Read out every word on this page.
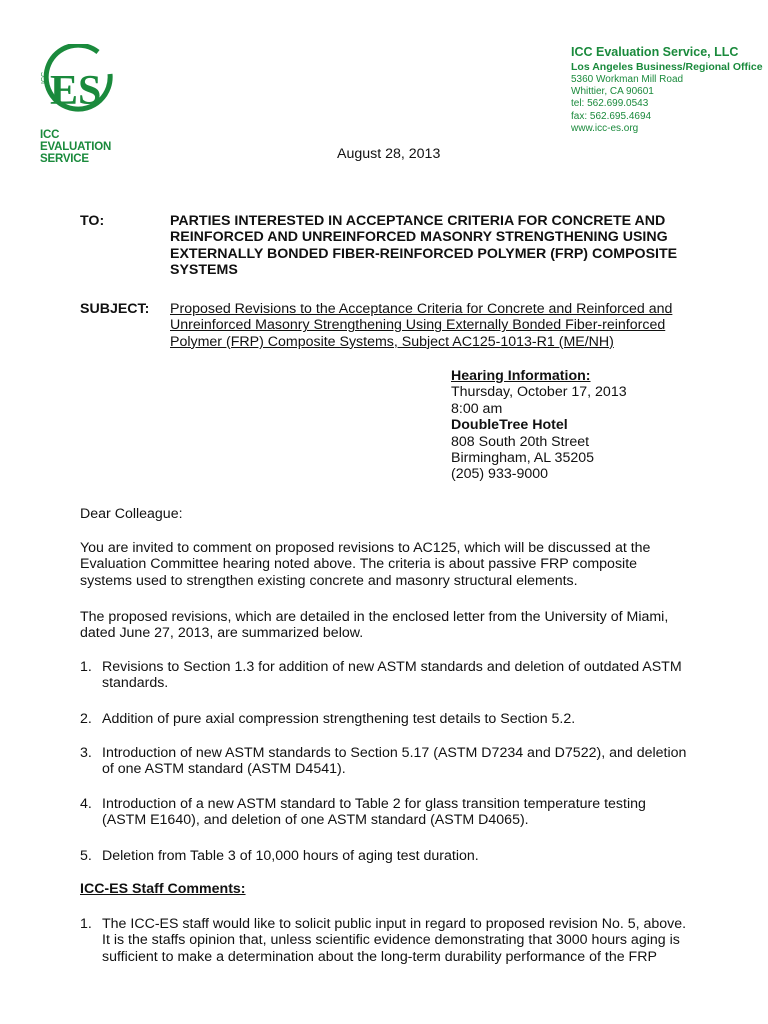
ES
ICC
ICC EVALUATION
SERVICE
ICC Evaluation Service, LLC
Los Angeles Business/Regional Office
5360 Workman Mill Road
Whittier, CA 90601
tel: 562.699.0543
fax: 562.695.4694
www.icc-es.org
August 28, 2013
TO:	PARTIES INTERESTED IN ACCEPTANCE CRITERIA FOR CONCRETE AND
REINFORCED AND UNREINFORCED MASONRY STRENGTHENING USING
EXTERNALLY BONDED FIBER-REINFORCED POLYMER (FRP) COMPOSITE
SYSTEMS
SUBJECT: Proposed Revisions to the Acceptance Criteria for Concrete and Reinforced and
Unreinforced Masonry Strengthening Using Externally Bonded Fiber-reinforced
Polymer (FRP) Composite Systems, Subject AC125-1013-R1 (ME/NH)
Hearing Information:
Thursday, October 17, 2013
8:00 am
DoubleTree Hotel
808 South 20th Street
Birmingham, AL 35205
(205) 933-9000
Dear Colleague:
You are invited to comment on proposed revisions to AC125, which will be discussed at the
Evaluation Committee hearing noted above. The criteria is about passive FRP composite
systems used to strengthen existing concrete and masonry structural elements.
The proposed revisions, which are detailed in the enclosed letter from the University of Miami,
dated June 27, 2013, are summarized below.
1. Revisions to Section 1.3 for addition of new ASTM standards and deletion of outdated ASTM
standards.
2. Addition of pure axial compression strengthening test details to Section 5.2.
3. Introduction of new ASTM standards to Section 5.17 (ASTM D7234 and D7522), and deletion
of one ASTM standard (ASTM D4541).
4. Introduction of a new ASTM standard to Table 2 for glass transition temperature testing
(ASTM E1640), and deletion of one ASTM standard (ASTM D4065).
5. Deletion from Table 3 of 10,000 hours of aging test duration.
ICC-ES Staff Comments:
1. The ICC-ES staff would like to solicit public input in regard to proposed revision No. 5, above.
It is the staffs opinion that, unless scientific evidence demonstrating that 3000 hours aging is
sufficient to make a determination about the long-term durability performance of the FRP
